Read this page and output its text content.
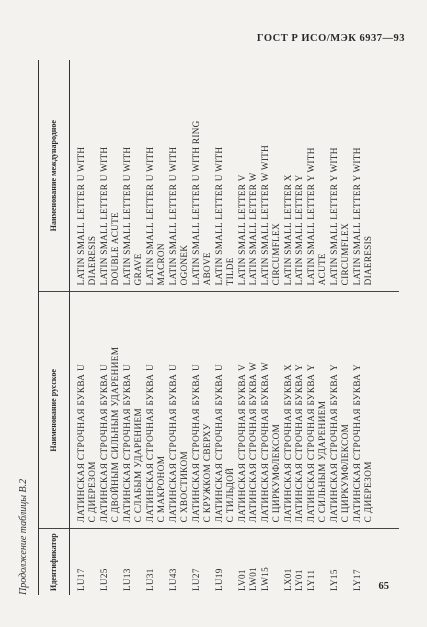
ГОСТ Р ИСО/МЭК 6937—93
Продолжение таблицы В.2	Идентификатор	Наименование русское	Наименование международное
LU17	ЛАТИНСКАЯ СТРОЧНАЯ БУКВА U С ДИЕРЕЗОМ	LATIN SMALL LETTER U WITH DIAERESIS

LU25	ЛАТИНСКАЯ СТРОЧНАЯ БУКВА U С ДВОЙНЫМ СИЛЬНЫМ УДАРЕНИЕМ	LATIN SMALL LETTER U WITH DOUBLE ACUTE

LU13	ЛАТИНСКАЯ СТРОЧНАЯ БУКВА U С СЛАБЫМ УДАРЕНИЕМ	LATIN SMALL LETTER U WITH GRAVE

LU31	ЛАТИНСКАЯ СТРОЧНАЯ БУКВА U С МАКРОНОМ	LATIN SMALL LETTER U WITH MACRON

LU43	ЛАТИНСКАЯ СТРОЧНАЯ БУКВА U С ХВОСТИКОМ	LATIN SMALL LETTER U WITH OGONEK

LU27	ЛАТИНСКАЯ СТРОЧНАЯ БУКВА U С КРУЖКОМ СВЕРХУ	LATIN SMALL LETTER U WITH RING ABOVE

LU19	ЛАТИНСКАЯ СТРОЧНАЯ БУКВА U С ТИЛЬДОЙ	LATIN SMALL LETTER U WITH TILDE

LV01	ЛАТИНСКАЯ СТРОЧНАЯ БУКВА V	LATIN SMALL LETTER V

LW01	ЛАТИНСКАЯ СТРОЧНАЯ БУКВА W	LATIN SMALL LETTER W

LW15	ЛАТИНСКАЯ СТРОЧНАЯ БУКВА W С ЦИРКУМФЛЕКСОМ	LATIN SMALL LETTER W WITH CIRCUMFLEX

LX01	ЛАТИНСКАЯ СТРОЧНАЯ БУКВА X	LATIN SMALL LETTER X

LY01	ЛАТИНСКАЯ СТРОЧНАЯ БУКВА Y	LATIN SMALL LETTER Y

LY11	ЛАТИНСКАЯ СТРОЧНАЯ БУКВА Y С СИЛЬНЫМ УДАРЕНИЕМ	LATIN SMALL LETTER Y WITH ACUTE

LY15	ЛАТИНСКАЯ СТРОЧНАЯ БУКВА Y С ЦИРКУМФЛЕКСОМ	LATIN SMALL LETTER Y WITH CIRCUMFLEX

LY17	ЛАТИНСКАЯ СТРОЧНАЯ БУКВА Y С ДИЕРЕЗОМ	LATIN SMALL LETTER Y WITH DIAERESIS
65
